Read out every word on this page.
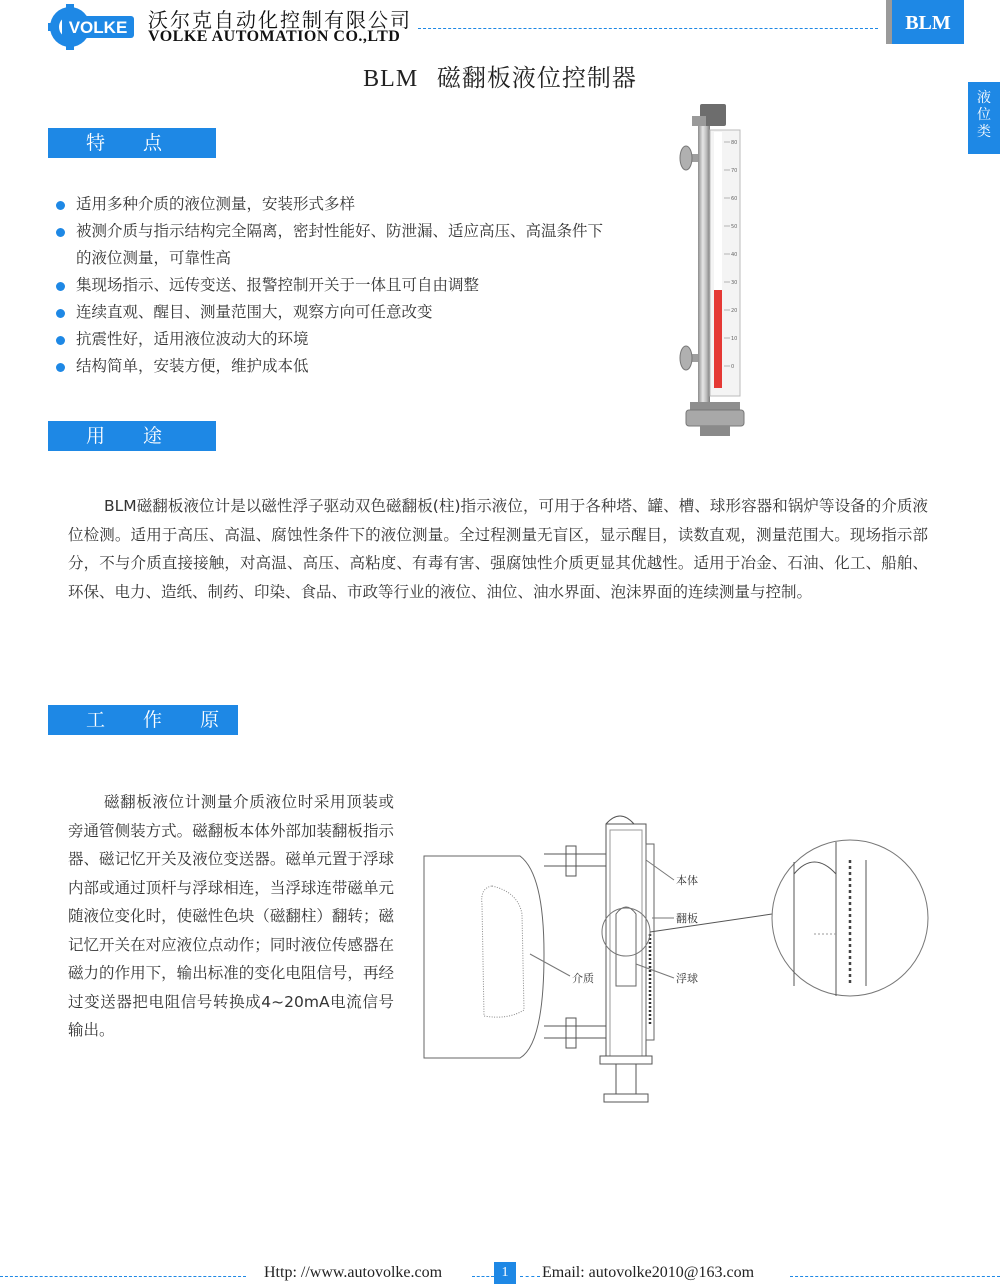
VOLKE 沃尔克自动化控制有限公司
VOLKE AUTOMATION CO.,LTD
BLM
液位类
BLM 磁翻板液位控制器
特 点
适用多种介质的液位测量，安装形式多样
被测介质与指示结构完全隔离，密封性能好、防泄漏、适应高压、高温条件下的液位测量，可靠性高
集现场指示、远传变送、报警控制开关于一体且可自由调整
连续直观、醒目、测量范围大，观察方向可任意改变
抗震性好，适用液位波动大的环境
结构简单，安装方便，维护成本低
80
70
60
50
40
30
20
10
0
用 途

BLM磁翻板液位计是以磁性浮子驱动双色磁翻板(柱)指示液位，可用于各种塔、罐、槽、球形容器和锅炉等设备的介质液位检测。适用于高压、高温、腐蚀性条件下的液位测量。全过程测量无盲区，显示醒目，读数直观，测量范围大。现场指示部分，不与介质直接接触，对高温、高压、高粘度、有毒有害、强腐蚀性介质更显其优越性。适用于冶金、石油、化工、船舶、环保、电力、造纸、制药、印染、食品、市政等行业的液位、油位、油水界面、泡沫界面的连续测量与控制。

工 作 原 理

磁翻板液位计测量介质液位时采用顶装或旁通管侧装方式。磁翻板本体外部加装翻板指示器、磁记忆开关及液位变送器。磁单元置于浮球内部或通过顶杆与浮球相连，当浮球连带磁单元随液位变化时，使磁性色块（磁翻柱）翻转；磁记忆开关在对应液位点动作；同时液位传感器在磁力的作用下，输出标准的变化电阻信号，再经过变送器把电阻信号转换成4~20mA电流信号输出。

本体
翻板
介质	浮球
Http: //www.autovolke.com	1	Email: autovolke2010@163.com
